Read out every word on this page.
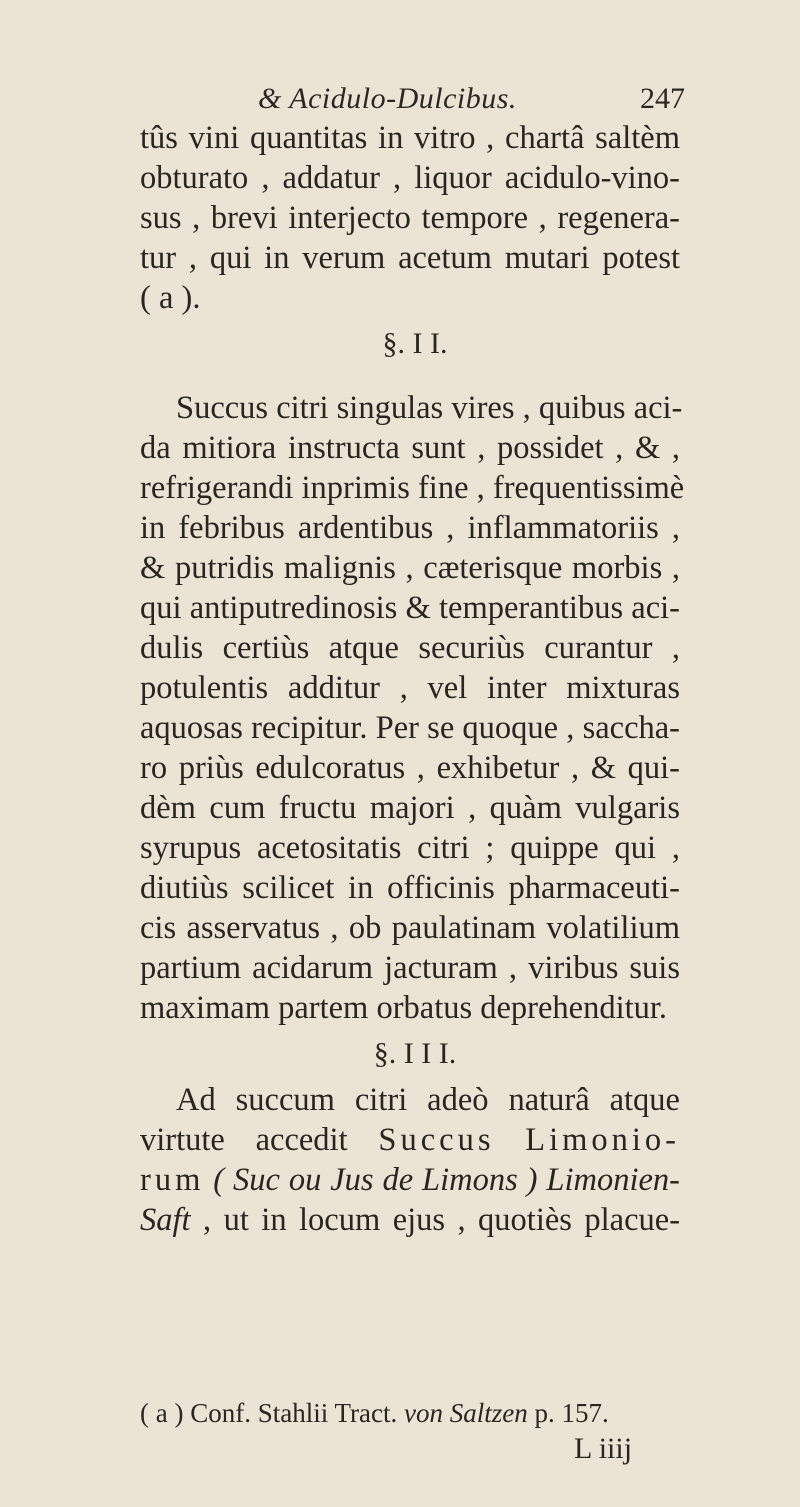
& Acidulo-Dulcibus.	247
tûs vini quantitas in vitro , chartâ saltèm
obturato , addatur , liquor acidulo-vino-
sus , brevi interjecto tempore , regenera-
tur , qui in verum acetum mutari potest
( a ).
§. I I.
Succus citri singulas vires , quibus aci-
da mitiora instructa sunt , possidet , & ,
refrigerandi inprimis fine , frequentissimè
in febribus ardentibus , inflammatoriis ,
& putridis malignis , cæterisque morbis ,
qui antiputredinosis & temperantibus aci-
dulis certiùs atque securiùs curantur ,
potulentis additur , vel inter mixturas
aquosas recipitur. Per se quoque , saccha-
ro priùs edulcoratus , exhibetur , & qui-
dèm cum fructu majori , quàm vulgaris
syrupus acetositatis citri ; quippe qui ,
diutiùs scilicet in officinis pharmaceuti-
cis asservatus , ob paulatinam volatilium
partium acidarum jacturam , viribus suis
maximam partem orbatus deprehenditur.
§. I I I.
Ad succum citri adeò naturâ atque
virtute accedit Succus Limonio-
rum ( Suc ou Jus de Limons ) Limonien-
Saft , ut in locum ejus , quotiès placue-
( a ) Conf. Stahlii Tract. von Saltzen p. 157.
L iiij
